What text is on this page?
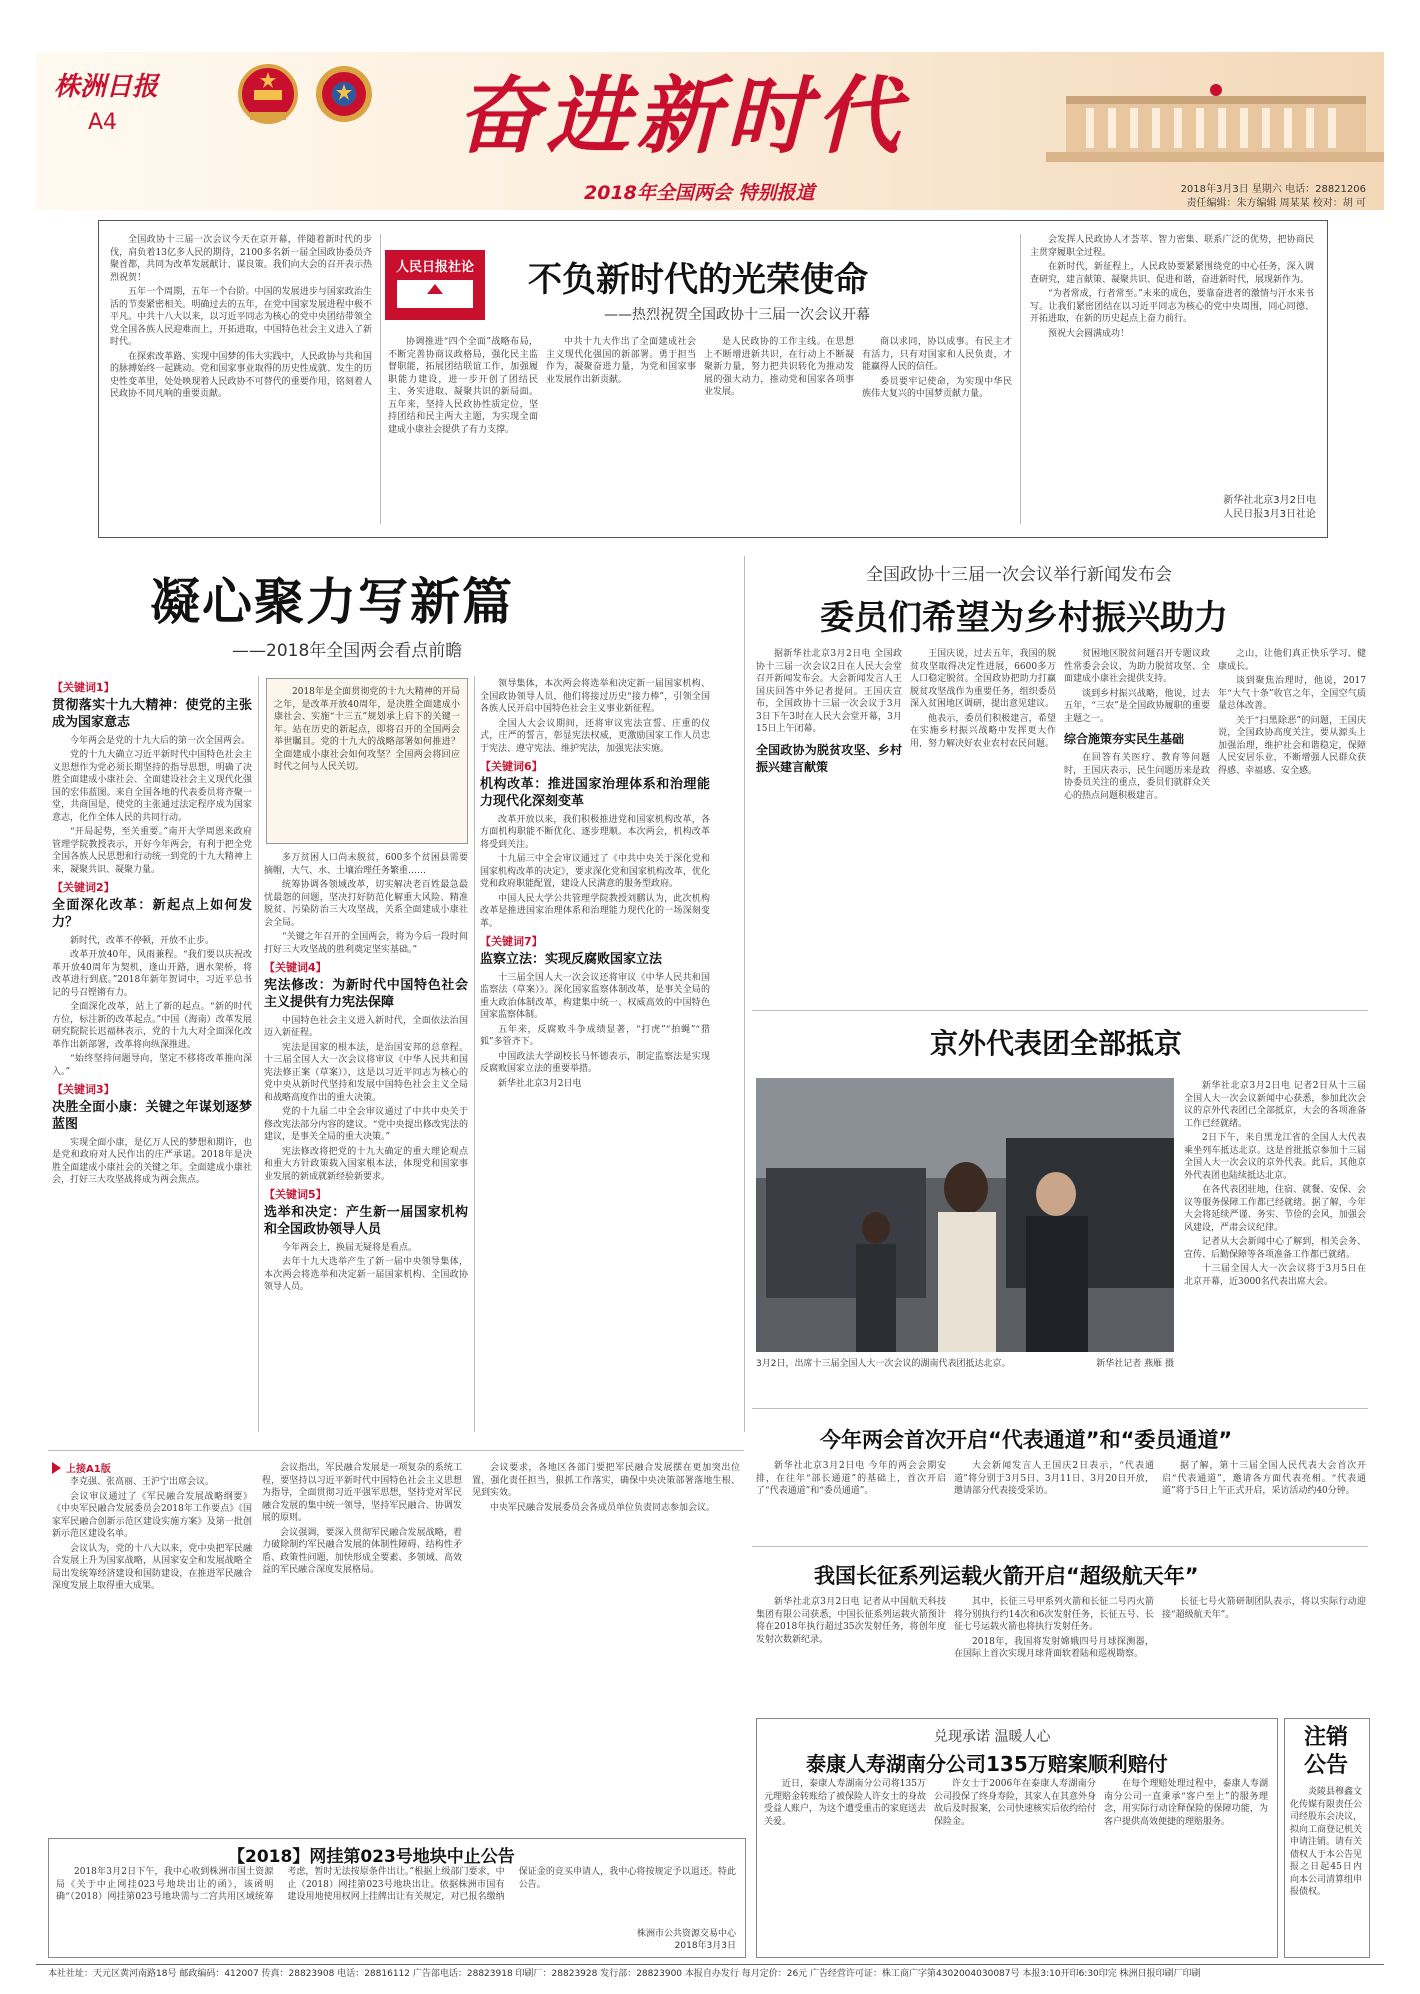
株洲日报
A4	奋进新时代
2018年全国两会 特别报道	2018年3月3日 星期六 电话：28821206
责任编辑：朱方编辑 周某某 校对：胡 可
人民日报社论 不负新时代的光荣使命
——热烈祝贺全国政协十三届一次会议开幕

全国政协十三届一次会议今天在京开幕，伴随着新时代的步伐，肩负着13亿多人民的期待，2100多名新一届全国政协委员齐聚首都，共同为改革发展献计、谋良策。我们向大会的召开表示热烈祝贺！

五年一个周期，五年一个台阶。中国的发展进步与国家政治生活的节奏紧密相关。明确过去的五年，在党中国家发展进程中极不平凡。中共十八大以来，以习近平同志为核心的党中央团结带领全党全国各族人民迎难而上，开拓进取，中国特色社会主义进入了新时代。

在探索改革路、实现中国梦的伟大实践中，人民政协与共和国的脉搏始终一起跳动。党和国家事业取得的历史性成就、发生的历史性变革里，处处映现着人民政协不可替代的重要作用，铭刻着人民政协不同凡响的重要贡献。

协调推进“四个全面”战略布局，不断完善协商议政格局，强化民主监督职能，拓展团结联谊工作，加强履职能力建设，进一步开创了团结民主、务实进取、凝聚共识的新局面。五年来，坚持人民政协性质定位，坚持团结和民主两大主题，为实现全面建成小康社会提供了有力支撑。

中共十九大作出了全面建成社会主义现代化强国的新部署。勇于担当作为，凝聚奋进力量，为党和国家事业发展作出新贡献。

是人民政协的工作主线。在思想上不断增进新共识，在行动上不断凝聚新力量，努力把共识转化为推动发展的强大动力，推动党和国家各项事业发展。

商以求同，协以成事。有民主才有活力，只有对国家和人民负责，才能赢得人民的信任。

委员要牢记使命，为实现中华民族伟大复兴的中国梦贡献力量。

会发挥人民政协人才荟萃、智力密集、联系广泛的优势，把协商民主贯穿履职全过程。

在新时代，新征程上，人民政协要紧紧围绕党的中心任务，深入调查研究，建言献策、凝聚共识、促进和谐，奋进新时代，展现新作为。

“为者常成，行者常至。”未来的成色，要靠奋进者的激情与汗水来书写。让我们紧密团结在以习近平同志为核心的党中央周围，同心同德、开拓进取，在新的历史起点上奋力前行。

预祝大会圆满成功！

新华社北京3月2日电
人民日报3月3日社论
凝心聚力写新篇
——2018年全国两会看点前瞻
【关键词1】
贯彻落实十九大精神：使党的主张成为国家意志

今年两会是党的十九大后的第一次全国两会。

党的十九大确立习近平新时代中国特色社会主义思想作为党必须长期坚持的指导思想，明确了决胜全面建成小康社会、全面建设社会主义现代化强国的宏伟蓝图。来自全国各地的代表委员将齐聚一堂，共商国是，使党的主张通过法定程序成为国家意志，化作全体人民的共同行动。

“开局起势，至关重要。”南开大学周恩来政府管理学院教授表示，开好今年两会，有利于把全党全国各族人民思想和行动统一到党的十九大精神上来，凝聚共识、凝聚力量。

【关键词2】
全面深化改革：新起点上如何发力？

新时代，改革不停顿，开放不止步。

改革开放40年，风雨兼程。“我们要以庆祝改革开放40周年为契机，逢山开路，遇水架桥，将改革进行到底。”2018年新年贺词中，习近平总书记的号召铿锵有力。

全面深化改革，站上了新的起点。“新的时代方位，标注新的改革起点。”中国（海南）改革发展研究院院长迟福林表示，党的十九大对全面深化改革作出新部署，改革将向纵深推进。

“始终坚持问题导向，坚定不移将改革推向深入。”

【关键词3】
决胜全面小康：关键之年谋划逐梦蓝图

实现全面小康，是亿万人民的梦想和期许，也是党和政府对人民作出的庄严承诺。2018年是决胜全面建成小康社会的关键之年。全面建成小康社会，打好三大攻坚战将成为两会焦点。

2018年是全面贯彻党的十九大精神的开局之年，是改革开放40周年，是决胜全面建成小康社会、实施“十三五”规划承上启下的关键一年。站在历史的新起点，即将召开的全国两会举世瞩目。党的十九大的战略部署如何推进？全面建成小康社会如何攻坚？全国两会将回应时代之问与人民关切。

多万贫困人口尚未脱贫，600多个贫困县需要摘帽，大气、水、土壤治理任务繁重……

统筹协调各领域改革，切实解决老百姓最急最忧最怨的问题，坚决打好防范化解重大风险、精准脱贫、污染防治三大攻坚战，关系全面建成小康社会全局。

“关键之年召开的全国两会，将为今后一段时间打好三大攻坚战的胜利奠定坚实基础。”

【关键词4】
宪法修改：为新时代中国特色社会主义提供有力宪法保障

中国特色社会主义进入新时代，全面依法治国迈入新征程。

宪法是国家的根本法，是治国安邦的总章程。十三届全国人大一次会议将审议《中华人民共和国宪法修正案（草案）》，这是以习近平同志为核心的党中央从新时代坚持和发展中国特色社会主义全局和战略高度作出的重大决策。

党的十九届二中全会审议通过了中共中央关于修改宪法部分内容的建议。“党中央提出修改宪法的建议，是事关全局的重大决策。”

宪法修改将把党的十九大确定的重大理论观点和重大方针政策载入国家根本法，体现党和国家事业发展的新成就新经验新要求。

【关键词5】
选举和决定：产生新一届国家机构和全国政协领导人员

今年两会上，换届无疑将是看点。

去年十九大选举产生了新一届中央领导集体，本次两会将选举和决定新一届国家机构、全国政协领导人员。

领导集体，本次两会将选举和决定新一届国家机构、全国政协领导人员，他们将接过历史“接力棒”，引领全国各族人民开启中国特色社会主义事业新征程。

全国人大会议期间，还将审议宪法宣誓、庄重的仪式，庄严的誓言，彰显宪法权威，更激励国家工作人员忠于宪法、遵守宪法、维护宪法，加强宪法实施。

【关键词6】
机构改革：推进国家治理体系和治理能力现代化深刻变革

改革开放以来，我们积极推进党和国家机构改革，各方面机构职能不断优化、逐步理顺。本次两会，机构改革将受到关注。

十九届三中全会审议通过了《中共中央关于深化党和国家机构改革的决定》，要求深化党和国家机构改革，优化党和政府职能配置，建设人民满意的服务型政府。

中国人民大学公共管理学院教授刘鹏认为，此次机构改革是推进国家治理体系和治理能力现代化的一场深刻变革。

【关键词7】
监察立法：实现反腐败国家立法

十三届全国人大一次会议还将审议《中华人民共和国监察法（草案）》。深化国家监察体制改革，是事关全局的重大政治体制改革，构建集中统一、权威高效的中国特色国家监察体制。

五年来，反腐败斗争成绩显著，“打虎”“拍蝇”“猎狐”多管齐下。

中国政法大学副校长马怀德表示，制定监察法是实现反腐败国家立法的重要举措。

新华社北京3月2日电

全国政协十三届一次会议举行新闻发布会
委员们希望为乡村振兴助力

据新华社北京3月2日电 全国政协十三届一次会议2日在人民大会堂召开新闻发布会。大会新闻发言人王国庆回答中外记者提问。王国庆宣布，全国政协十三届一次会议于3月3日下午3时在人民大会堂开幕，3月15日上午闭幕。

全国政协为脱贫攻坚、乡村振兴建言献策

王国庆说，过去五年，我国的脱贫攻坚取得决定性进展，6600多万人口稳定脱贫。全国政协把助力打赢脱贫攻坚战作为重要任务，组织委员深入贫困地区调研，提出意见建议。

他表示，委员们积极建言，希望在实施乡村振兴战略中发挥更大作用，努力解决好农业农村农民问题。

贫困地区脱贫问题召开专题议政性常委会会议，为助力脱贫攻坚、全面建成小康社会提供支持。

谈到乡村振兴战略，他说，过去五年，“三农”是全国政协履职的重要主题之一。

综合施策夯实民生基础

在回答有关医疗、教育等问题时，王国庆表示，民生问题历来是政协委员关注的重点，委员们就群众关心的热点问题积极建言。

之山，让他们真正快乐学习、健康成长。

谈到聚焦治理时，他说，2017年“大气十条”收官之年，全国空气质量总体改善。

关于“扫黑除恶”的问题，王国庆说，全国政协高度关注，要从源头上加强治理，维护社会和谐稳定，保障人民安居乐业，不断增强人民群众获得感、幸福感、安全感。

京外代表团全部抵京
3月2日，出席十三届全国人大一次会议的湖南代表团抵达北京。	新华社记者 燕雁 摄

新华社北京3月2日电 记者2日从十三届全国人大一次会议新闻中心获悉，参加此次会议的京外代表团已全部抵京，大会的各项准备工作已经就绪。

2日下午，来自黑龙江省的全国人大代表乘坐列车抵达北京。这是首批抵京参加十三届全国人大一次会议的京外代表。此后，其他京外代表团也陆续抵达北京。

在各代表团驻地，住宿、就餐、安保、会议等服务保障工作都已经就绪。据了解，今年大会将延续严谨、务实、节俭的会风，加强会风建设，严肃会议纪律。

记者从大会新闻中心了解到，相关会务、宣传、后勤保障等各项准备工作都已就绪。

十三届全国人大一次会议将于3月5日在北京开幕，近3000名代表出席大会。

今年两会首次开启“代表通道”和“委员通道”

新华社北京3月2日电 今年的两会会期安排，在往年“部长通道”的基础上，首次开启了“代表通道”和“委员通道”。

大会新闻发言人王国庆2日表示，“代表通道”将分别于3月5日、3月11日、3月20日开放，邀请部分代表接受采访。

据了解，第十三届全国人民代表大会首次开启“代表通道”，邀请各方面代表亮相。“代表通道”将于5日上午正式开启，采访活动约40分钟。

我国长征系列运载火箭开启“超级航天年”

新华社北京3月2日电 记者从中国航天科技集团有限公司获悉，中国长征系列运载火箭预计将在2018年执行超过35次发射任务，将创年度发射次数新纪录。

其中，长征三号甲系列火箭和长征二号丙火箭将分别执行约14次和6次发射任务，长征五号、长征七号运载火箭也将执行发射任务。

2018年，我国将发射嫦娥四号月球探测器，在国际上首次实现月球背面软着陆和巡视勘察。

长征七号火箭研制团队表示，将以实际行动迎接“超级航天年”。

上接A1版

李克强、张高丽、王沪宁出席会议。

会议审议通过了《军民融合发展战略纲要》《中央军民融合发展委员会2018年工作要点》《国家军民融合创新示范区建设实施方案》及第一批创新示范区建设名单。

会议认为，党的十八大以来，党中央把军民融合发展上升为国家战略，从国家安全和发展战略全局出发统筹经济建设和国防建设，在推进军民融合深度发展上取得重大成果。

会议指出，军民融合发展是一项复杂的系统工程，要坚持以习近平新时代中国特色社会主义思想为指导，全面贯彻习近平强军思想，坚持党对军民融合发展的集中统一领导，坚持军民融合、协调发展的原则。

会议强调，要深入贯彻军民融合发展战略，着力破除制约军民融合发展的体制性障碍、结构性矛盾、政策性问题，加快形成全要素、多领域、高效益的军民融合深度发展格局。

会议要求，各地区各部门要把军民融合发展摆在更加突出位置，强化责任担当，狠抓工作落实，确保中央决策部署落地生根、见到实效。

中央军民融合发展委员会各成员单位负责同志参加会议。

【2018】网挂第023号地块中止公告

2018年3月2日下午，我中心收到株洲市国土资源局《关于中止网挂023号地块出让的函》，该函明确“（2018）网挂第023号地块需与二宫共用区域统筹考虑，暂时无法按原条件出让。”根据上级部门要求，中止（2018）网挂第023号地块出让。依据株洲市国有建设用地使用权网上挂牌出让有关规定，对已报名缴纳保证金的竞买申请人，我中心将按规定予以退还。特此公告。

株洲市公共资源交易中心
2018年3月3日
兑现承诺 温暖人心
泰康人寿湖南分公司135万赔案顺利赔付

近日，泰康人寿湖南分公司将135万元理赔金转账给了被保险人许女士的身故受益人账户，为这个遭受重击的家庭送去关爱。

许女士于2006年在泰康人寿湖南分公司投保了终身寿险，其家人在其意外身故后及时报案，公司快速核实后依约给付保险金。

在每个理赔处理过程中，泰康人寿湖南分公司一直秉承“客户至上”的服务理念，用实际行动诠释保险的保障功能，为客户提供高效便捷的理赔服务。

注销公告

炎陵县穆鑫文化传媒有限责任公司经股东会决议，拟向工商登记机关申请注销。请有关债权人于本公告见报之日起45日内向本公司清算组申报债权。

本社社址：天元区黄河南路18号 邮政编码：412007 传真：28823908 电话：28816112 广告部电话：28823918 印刷厂：28823928 发行部：28823900 本报自办发行 每月定价：26元 广告经营许可证：株工商广字第4302004030087号 本报3:10开印6:30印完 株洲日报印刷厂印刷
